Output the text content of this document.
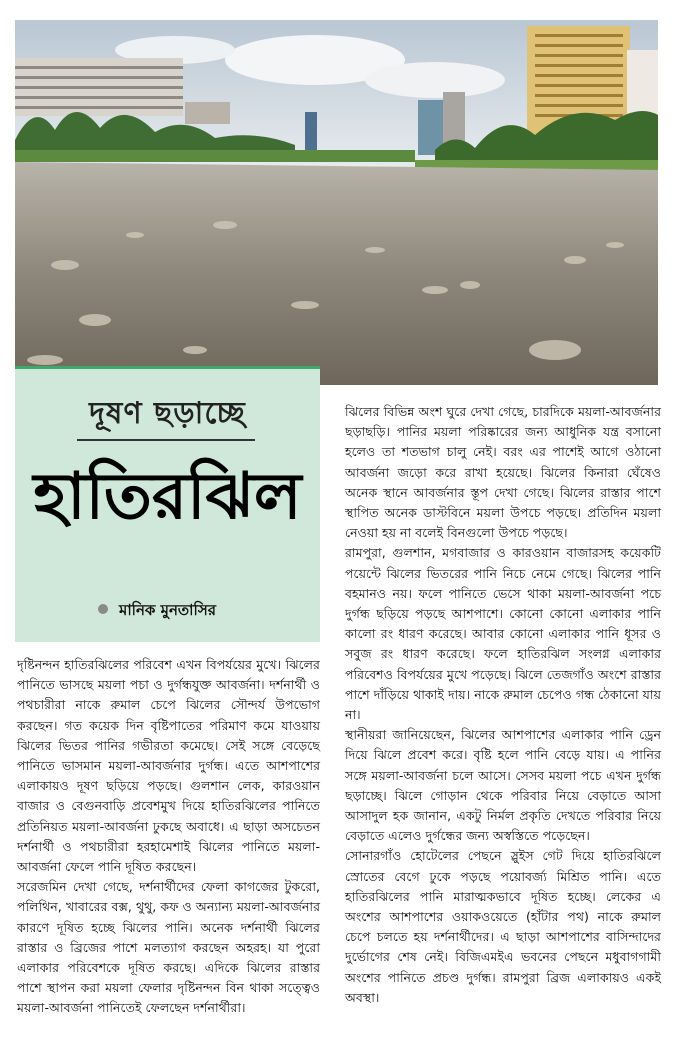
দূষণ ছড়াচ্ছে
হাতিরঝিল
মানিক মুনতাসির

দৃষ্টিনন্দন হাতিরঝিলের পরিবেশ এখন বিপর্যয়ের মুখে। ঝিলের পানিতে ভাসছে ময়লা পচা ও দুর্গন্ধযুক্ত আবর্জনা। দর্শনার্থী ও পথচারীরা নাকে রুমাল চেপে ঝিলের সৌন্দর্য উপভোগ করছেন। গত কয়েক দিন বৃষ্টিপাতের পরিমাণ কমে যাওয়ায় ঝিলের ভিতর পানির গভীরতা কমেছে। সেই সঙ্গে বেড়েছে পানিতে ভাসমান ময়লা-আবর্জনার দুর্গন্ধ। এতে আশপাশের এলাকায়ও দূষণ ছড়িয়ে পড়ছে। গুলশান লেক, কারওয়ান বাজার ও বেগুনবাড়ি প্রবেশমুখ দিয়ে হাতিরঝিলের পানিতে প্রতিনিয়ত ময়লা-আবর্জনা ঢুকছে অবাধে। এ ছাড়া অসচেতন দর্শনার্থী ও পথচারীরা হরহামেশাই ঝিলের পানিতে ময়লা-আবর্জনা ফেলে পানি দূষিত করছেন।

সরেজমিন দেখা গেছে, দর্শনার্থীদের ফেলা কাগজের টুকরো, পলিথিন, খাবারের বক্স, থুথু, কফ ও অন্যান্য ময়লা-আবর্জনার কারণে দূষিত হচ্ছে ঝিলের পানি। অনেক দর্শনার্থী ঝিলের রাস্তার ও ব্রিজের পাশে মলত্যাগ করছেন অহরহ। যা পুরো এলাকার পরিবেশকে দূষিত করছে। এদিকে ঝিলের রাস্তার পাশে স্থাপন করা ময়লা ফেলার দৃষ্টিনন্দন বিন থাকা সত্ত্বেও ময়লা-আবর্জনা পানিতেই ফেলছেন দর্শনার্থীরা।

ঝিলের বিভিন্ন অংশ ঘুরে দেখা গেছে, চারদিকে ময়লা-আবর্জনার ছড়াছড়ি। পানির ময়লা পরিষ্কারের জন্য আধুনিক যন্ত্র বসানো হলেও তা শতভাগ চালু নেই। বরং এর পাশেই আগে ওঠানো আবর্জনা জড়ো করে রাখা হয়েছে। ঝিলের কিনারা ঘেঁষেও অনেক স্থানে আবর্জনার স্তূপ দেখা গেছে। ঝিলের রাস্তার পাশে স্থাপিত অনেক ডাস্টবিনে ময়লা উপচে পড়ছে। প্রতিদিন ময়লা নেওয়া হয় না বলেই বিনগুলো উপচে পড়ছে।

রামপুরা, গুলশান, মগবাজার ও কারওয়ান বাজারসহ কয়েকটি পয়েন্টে ঝিলের ভিতরের পানি নিচে নেমে গেছে। ঝিলের পানি বহমানও নয়। ফলে পানিতে ভেসে থাকা ময়লা-আবর্জনা পচে দুর্গন্ধ ছড়িয়ে পড়ছে আশপাশে। কোনো কোনো এলাকার পানি কালো রং ধারণ করেছে। আবার কোনো এলাকার পানি ধূসর ও সবুজ রং ধারণ করেছে। ফলে হাতিরঝিল সংলগ্ন এলাকার পরিবেশও বিপর্যয়ের মুখে পড়েছে। ঝিলে তেজগাঁও অংশে রাস্তার পাশে দাঁড়িয়ে থাকাই দায়। নাকে রুমাল চেপেও গন্ধ ঠেকানো যায় না।

স্থানীয়রা জানিয়েছেন, ঝিলের আশপাশের এলাকার পানি ড্রেন দিয়ে ঝিলে প্রবেশ করে। বৃষ্টি হলে পানি বেড়ে যায়। এ পানির সঙ্গে ময়লা-আবর্জনা চলে আসে। সেসব ময়লা পচে এখন দুর্গন্ধ ছড়াচ্ছে। ঝিলে গোড়ান থেকে পরিবার নিয়ে বেড়াতে আসা আসাদুল হক জানান, একটু নির্মল প্রকৃতি দেখতে পরিবার নিয়ে বেড়াতে এলেও দুর্গন্ধের জন্য অস্বস্তিতে পড়েছেন।

সোনারগাঁও হোটেলের পেছনে স্লুইস গেট দিয়ে হাতিরঝিলে স্রোতের বেগে ঢুকে পড়ছে পয়োবর্জ্য মিশ্রিত পানি। এতে হাতিরঝিলের পানি মারাত্মকভাবে দূষিত হচ্ছে। লেকের এ অংশের আশপাশের ওয়াকওয়েতে (হাঁটার পথ) নাকে রুমাল চেপে চলতে হয় দর্শনার্থীদের। এ ছাড়া আশপাশের বাসিন্দাদের দুর্ভোগের শেষ নেই। বিজিএমইএ ভবনের পেছনে মধুবাগগামী অংশের পানিতে প্রচণ্ড দুর্গন্ধ। রামপুরা ব্রিজ এলাকায়ও একই অবস্থা।
